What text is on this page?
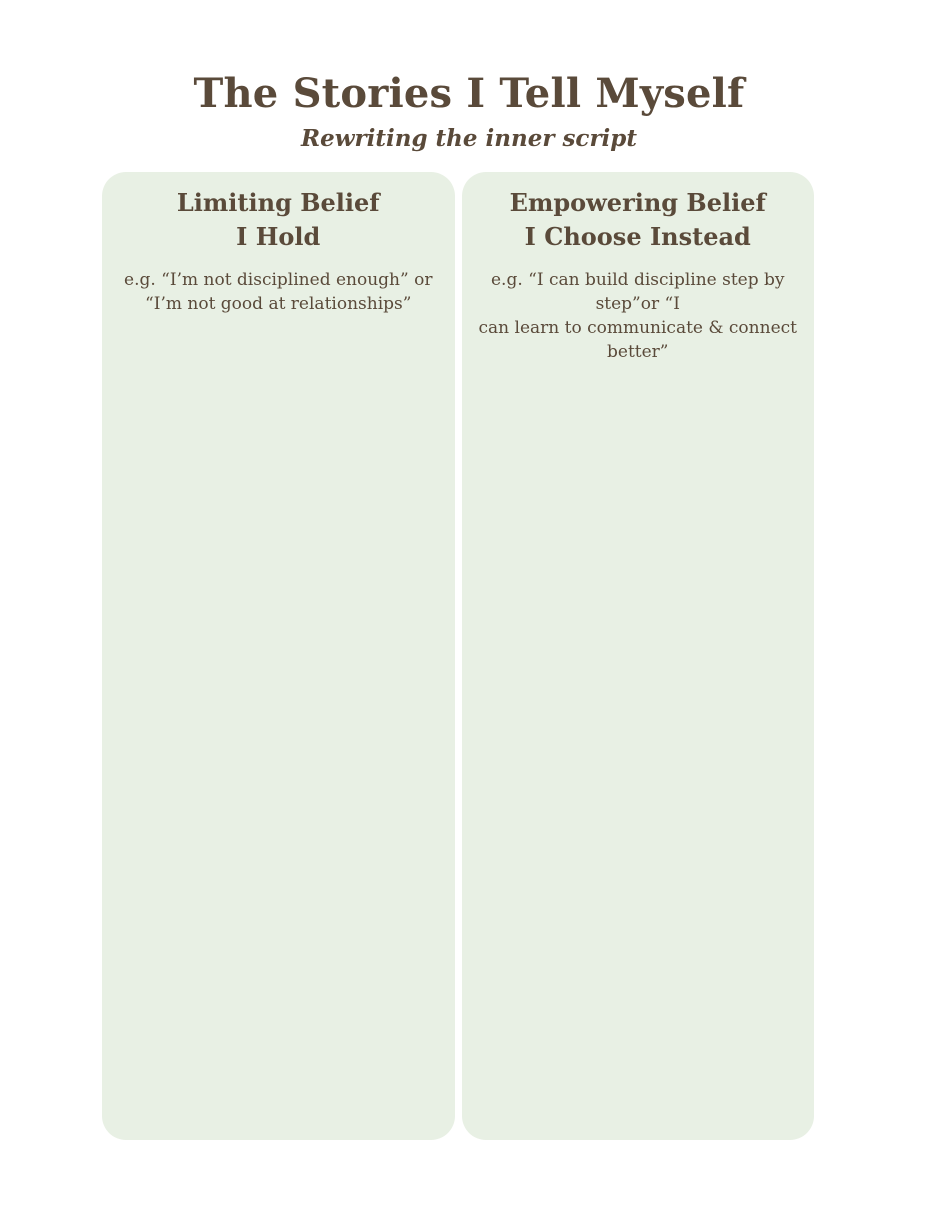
The Stories I Tell Myself

Rewriting the inner script

Limiting Belief
I Hold

e.g. “I’m not disciplined enough” or
“I’m not good at relationships”

Empowering Belief
I Choose Instead

e.g. “I can build discipline step by step”or “I
can learn to communicate & connect better”
